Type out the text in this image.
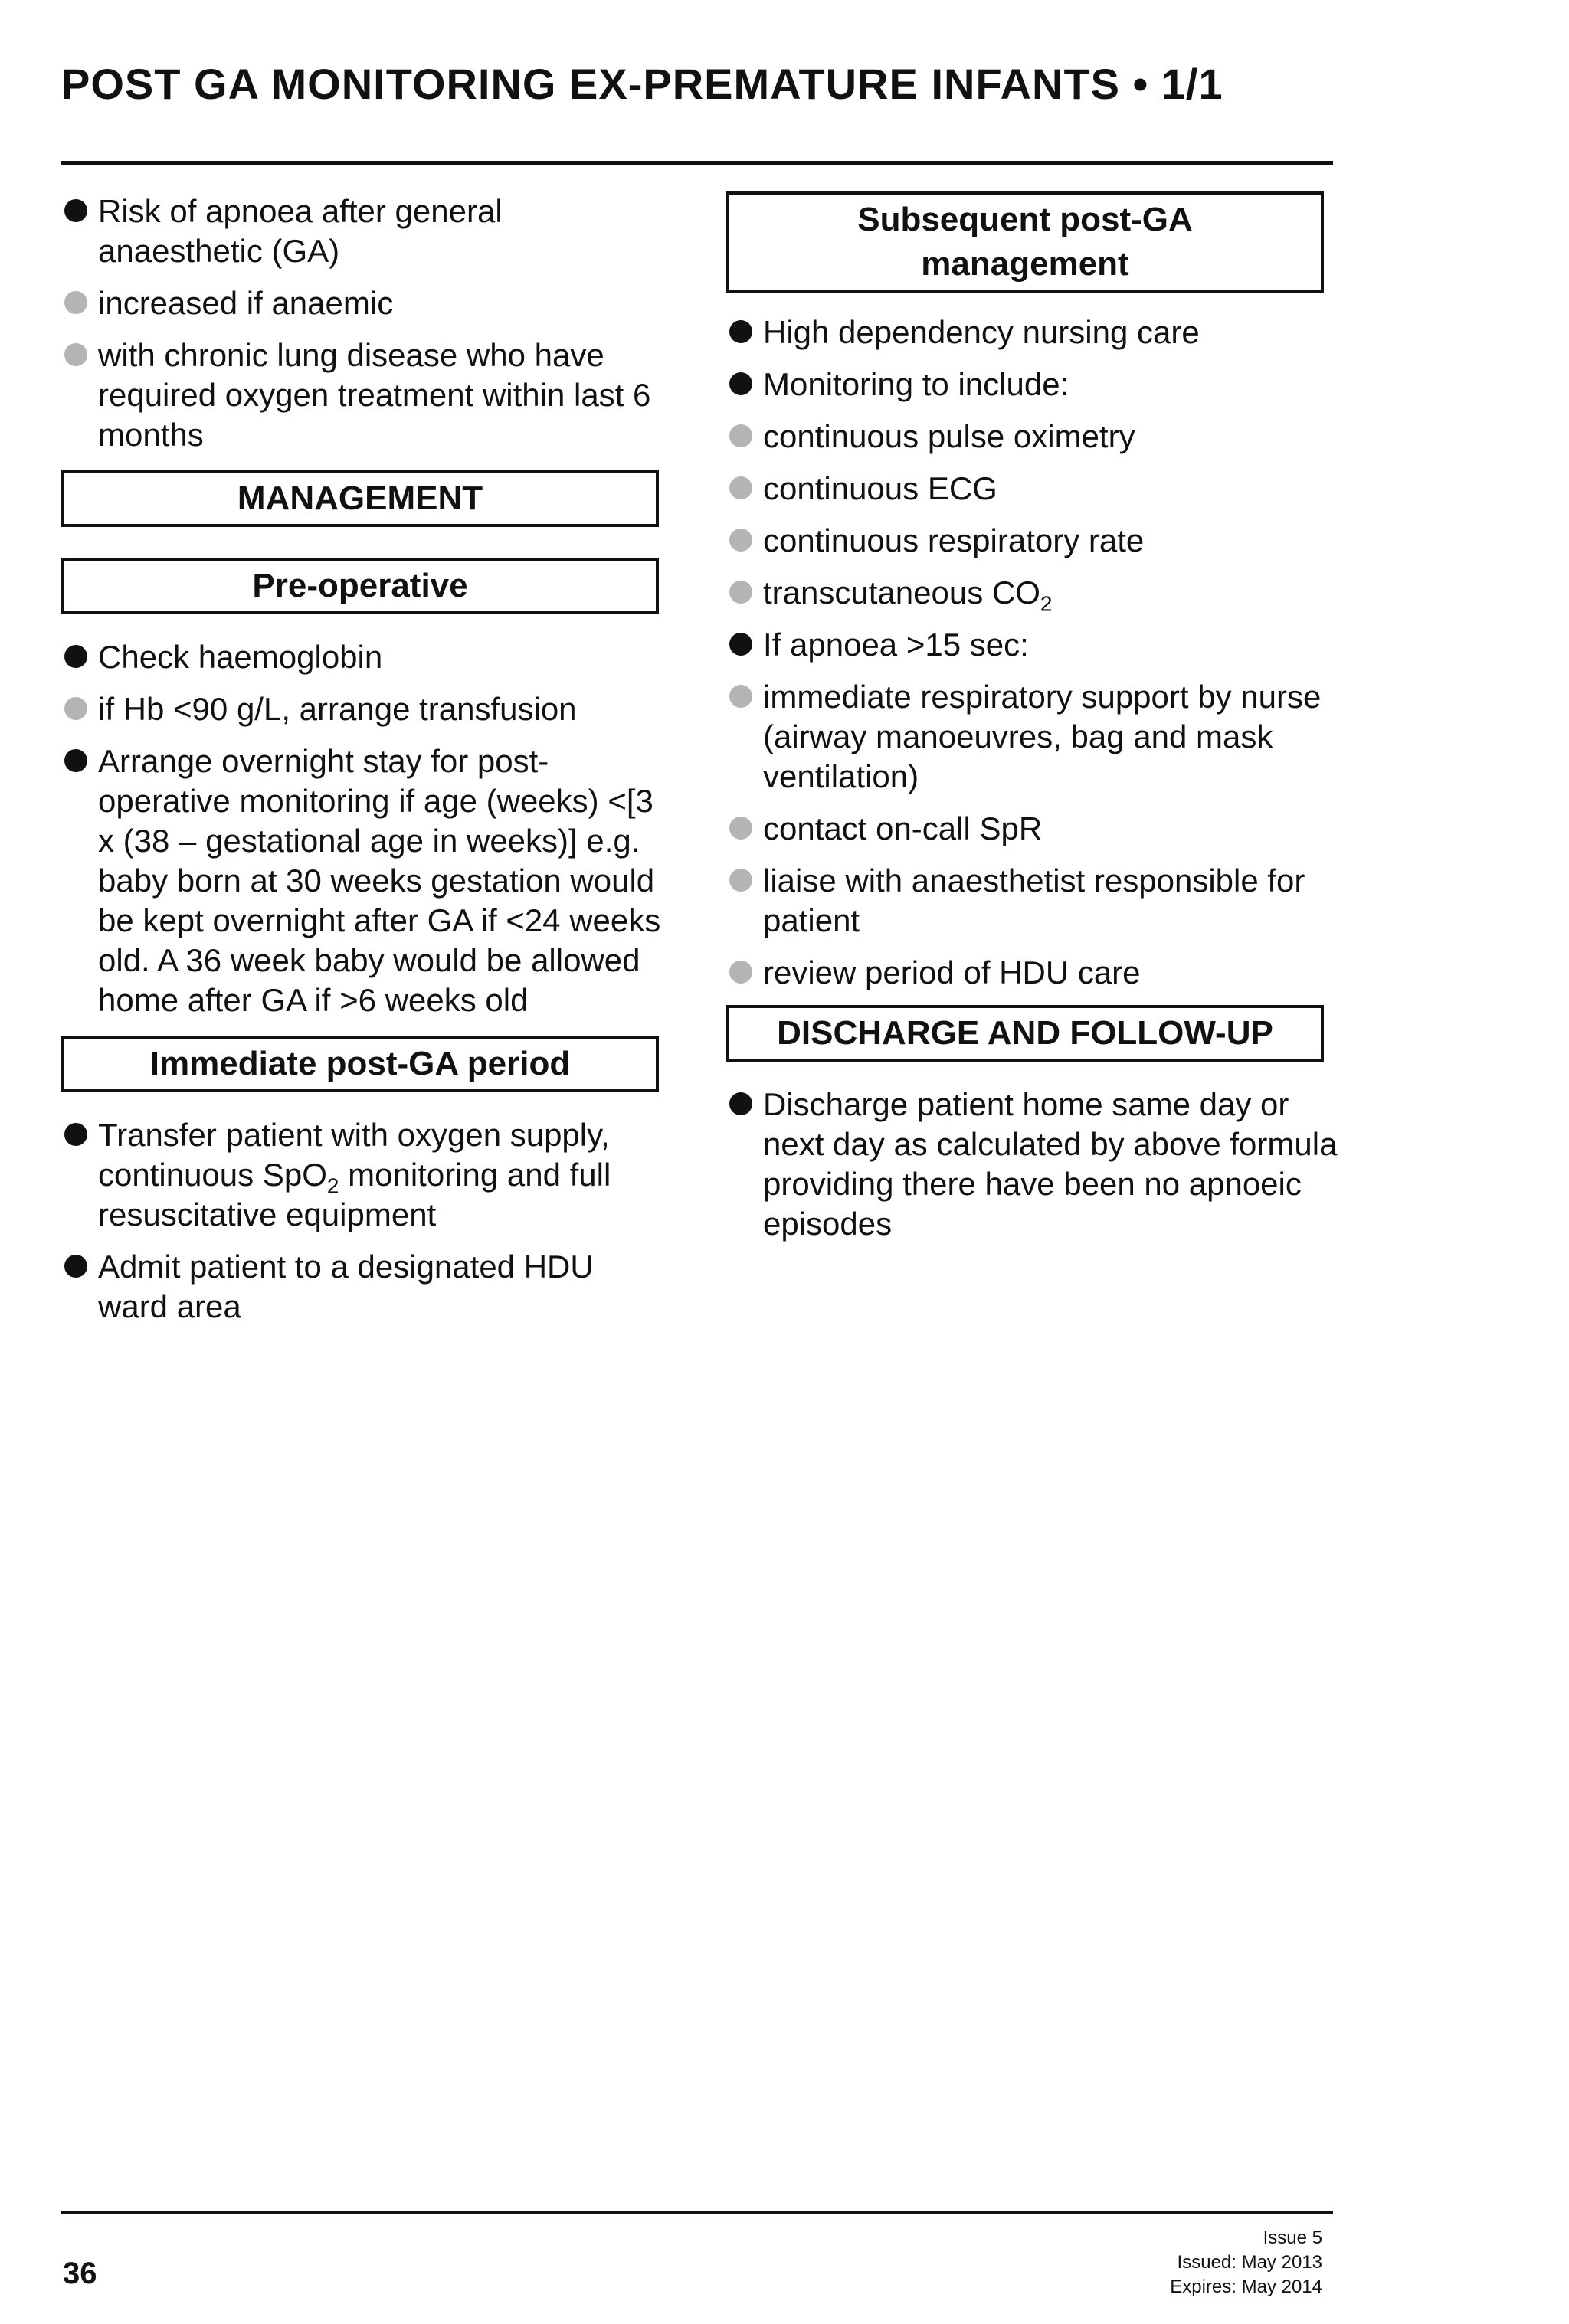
POST GA MONITORING EX-PREMATURE INFANTS • 1/1
Risk of apnoea after general anaesthetic (GA)
increased if anaemic
with chronic lung disease who have required oxygen treatment within last 6 months
MANAGEMENT
Pre-operative
Check haemoglobin
if Hb <90 g/L, arrange transfusion
Arrange overnight stay for post-operative monitoring if age (weeks) <[3 x (38 – gestational age in weeks)] e.g. baby born at 30 weeks gestation would be kept overnight after GA if <24 weeks old. A 36 week baby would be allowed home after GA if >6 weeks old
Immediate post-GA period
Transfer patient with oxygen supply, continuous SpO$_2$ monitoring and full resuscitative equipment
Admit patient to a designated HDU ward area
Subsequent post-GA management
High dependency nursing care
Monitoring to include:
continuous pulse oximetry
continuous ECG
continuous respiratory rate
transcutaneous $CO_2$
If apnoea >15 sec:
immediate respiratory support by nurse (airway manoeuvres, bag and mask ventilation)
contact on-call SpR
liaise with anaesthetist responsible for patient
review period of HDU care
DISCHARGE AND FOLLOW-UP
Discharge patient home same day or next day as calculated by above formula providing there have been no apnoeic episodes
36
Issue 5
Issued: May 2013
Expires: May 2014
